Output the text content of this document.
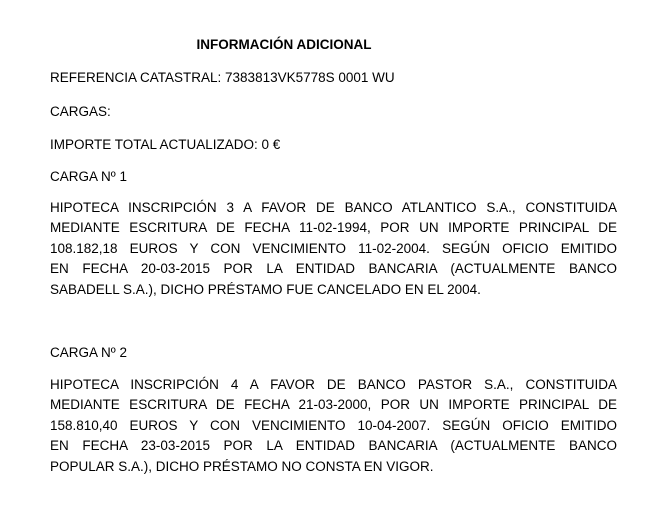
INFORMACIÓN ADICIONAL

REFERENCIA CATASTRAL: 7383813VK5778S 0001 WU

CARGAS:

IMPORTE TOTAL ACTUALIZADO: 0 €

CARGA Nº 1

HIPOTECA INSCRIPCIÓN 3 A FAVOR DE BANCO ATLANTICO S.A., CONSTITUIDA
MEDIANTE ESCRITURA DE FECHA 11-02-1994, POR UN IMPORTE PRINCIPAL DE
108.182,18 EUROS Y CON VENCIMIENTO 11-02-2004. SEGÚN OFICIO EMITIDO
EN FECHA 20-03-2015 POR LA ENTIDAD BANCARIA (ACTUALMENTE BANCO
SABADELL S.A.), DICHO PRÉSTAMO FUE CANCELADO EN EL 2004.

CARGA Nº 2

HIPOTECA INSCRIPCIÓN 4 A FAVOR DE BANCO PASTOR S.A., CONSTITUIDA
MEDIANTE ESCRITURA DE FECHA 21-03-2000, POR UN IMPORTE PRINCIPAL DE
158.810,40 EUROS Y CON VENCIMIENTO 10-04-2007. SEGÚN OFICIO EMITIDO
EN FECHA 23-03-2015 POR LA ENTIDAD BANCARIA (ACTUALMENTE BANCO
POPULAR S.A.), DICHO PRÉSTAMO NO CONSTA EN VIGOR.
